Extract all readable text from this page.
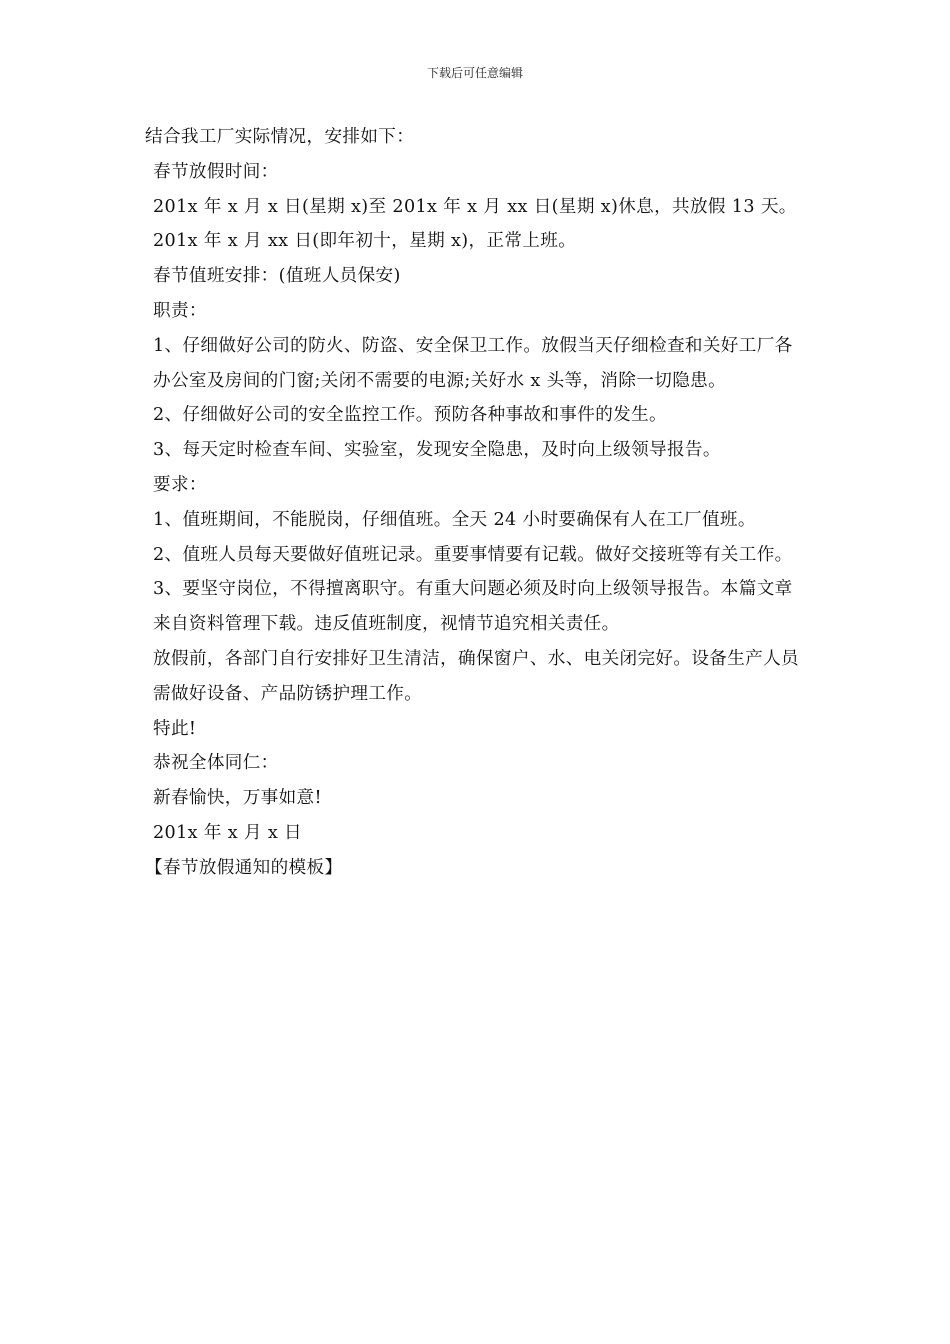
下载后可任意编辑

结合我工厂实际情况，安排如下：

春节放假时间：

201x 年 x 月 x 日(星期 x)至 201x 年 x 月 xx 日(星期 x)休息，共放假 13 天。

201x 年 x 月 xx 日(即年初十，星期 x)，正常上班。

春节值班安排：(值班人员保安)

职责：

1、仔细做好公司的防火、防盗、安全保卫工作。放假当天仔细检查和关好工厂各办公室及房间的门窗;关闭不需要的电源;关好水 x 头等，消除一切隐患。

2、仔细做好公司的安全监控工作。预防各种事故和事件的发生。

3、每天定时检查车间、实验室，发现安全隐患，及时向上级领导报告。

要求：

1、值班期间，不能脱岗，仔细值班。全天 24 小时要确保有人在工厂值班。

2、值班人员每天要做好值班记录。重要事情要有记载。做好交接班等有关工作。

3、要坚守岗位，不得擅离职守。有重大问题必须及时向上级领导报告。本篇文章来自资料管理下载。违反值班制度，视情节追究相关责任。

放假前，各部门自行安排好卫生清洁，确保窗户、水、电关闭完好。设备生产人员需做好设备、产品防锈护理工作。

特此!

恭祝全体同仁：

新春愉快，万事如意!

201x 年 x 月 x 日

【春节放假通知的模板】
